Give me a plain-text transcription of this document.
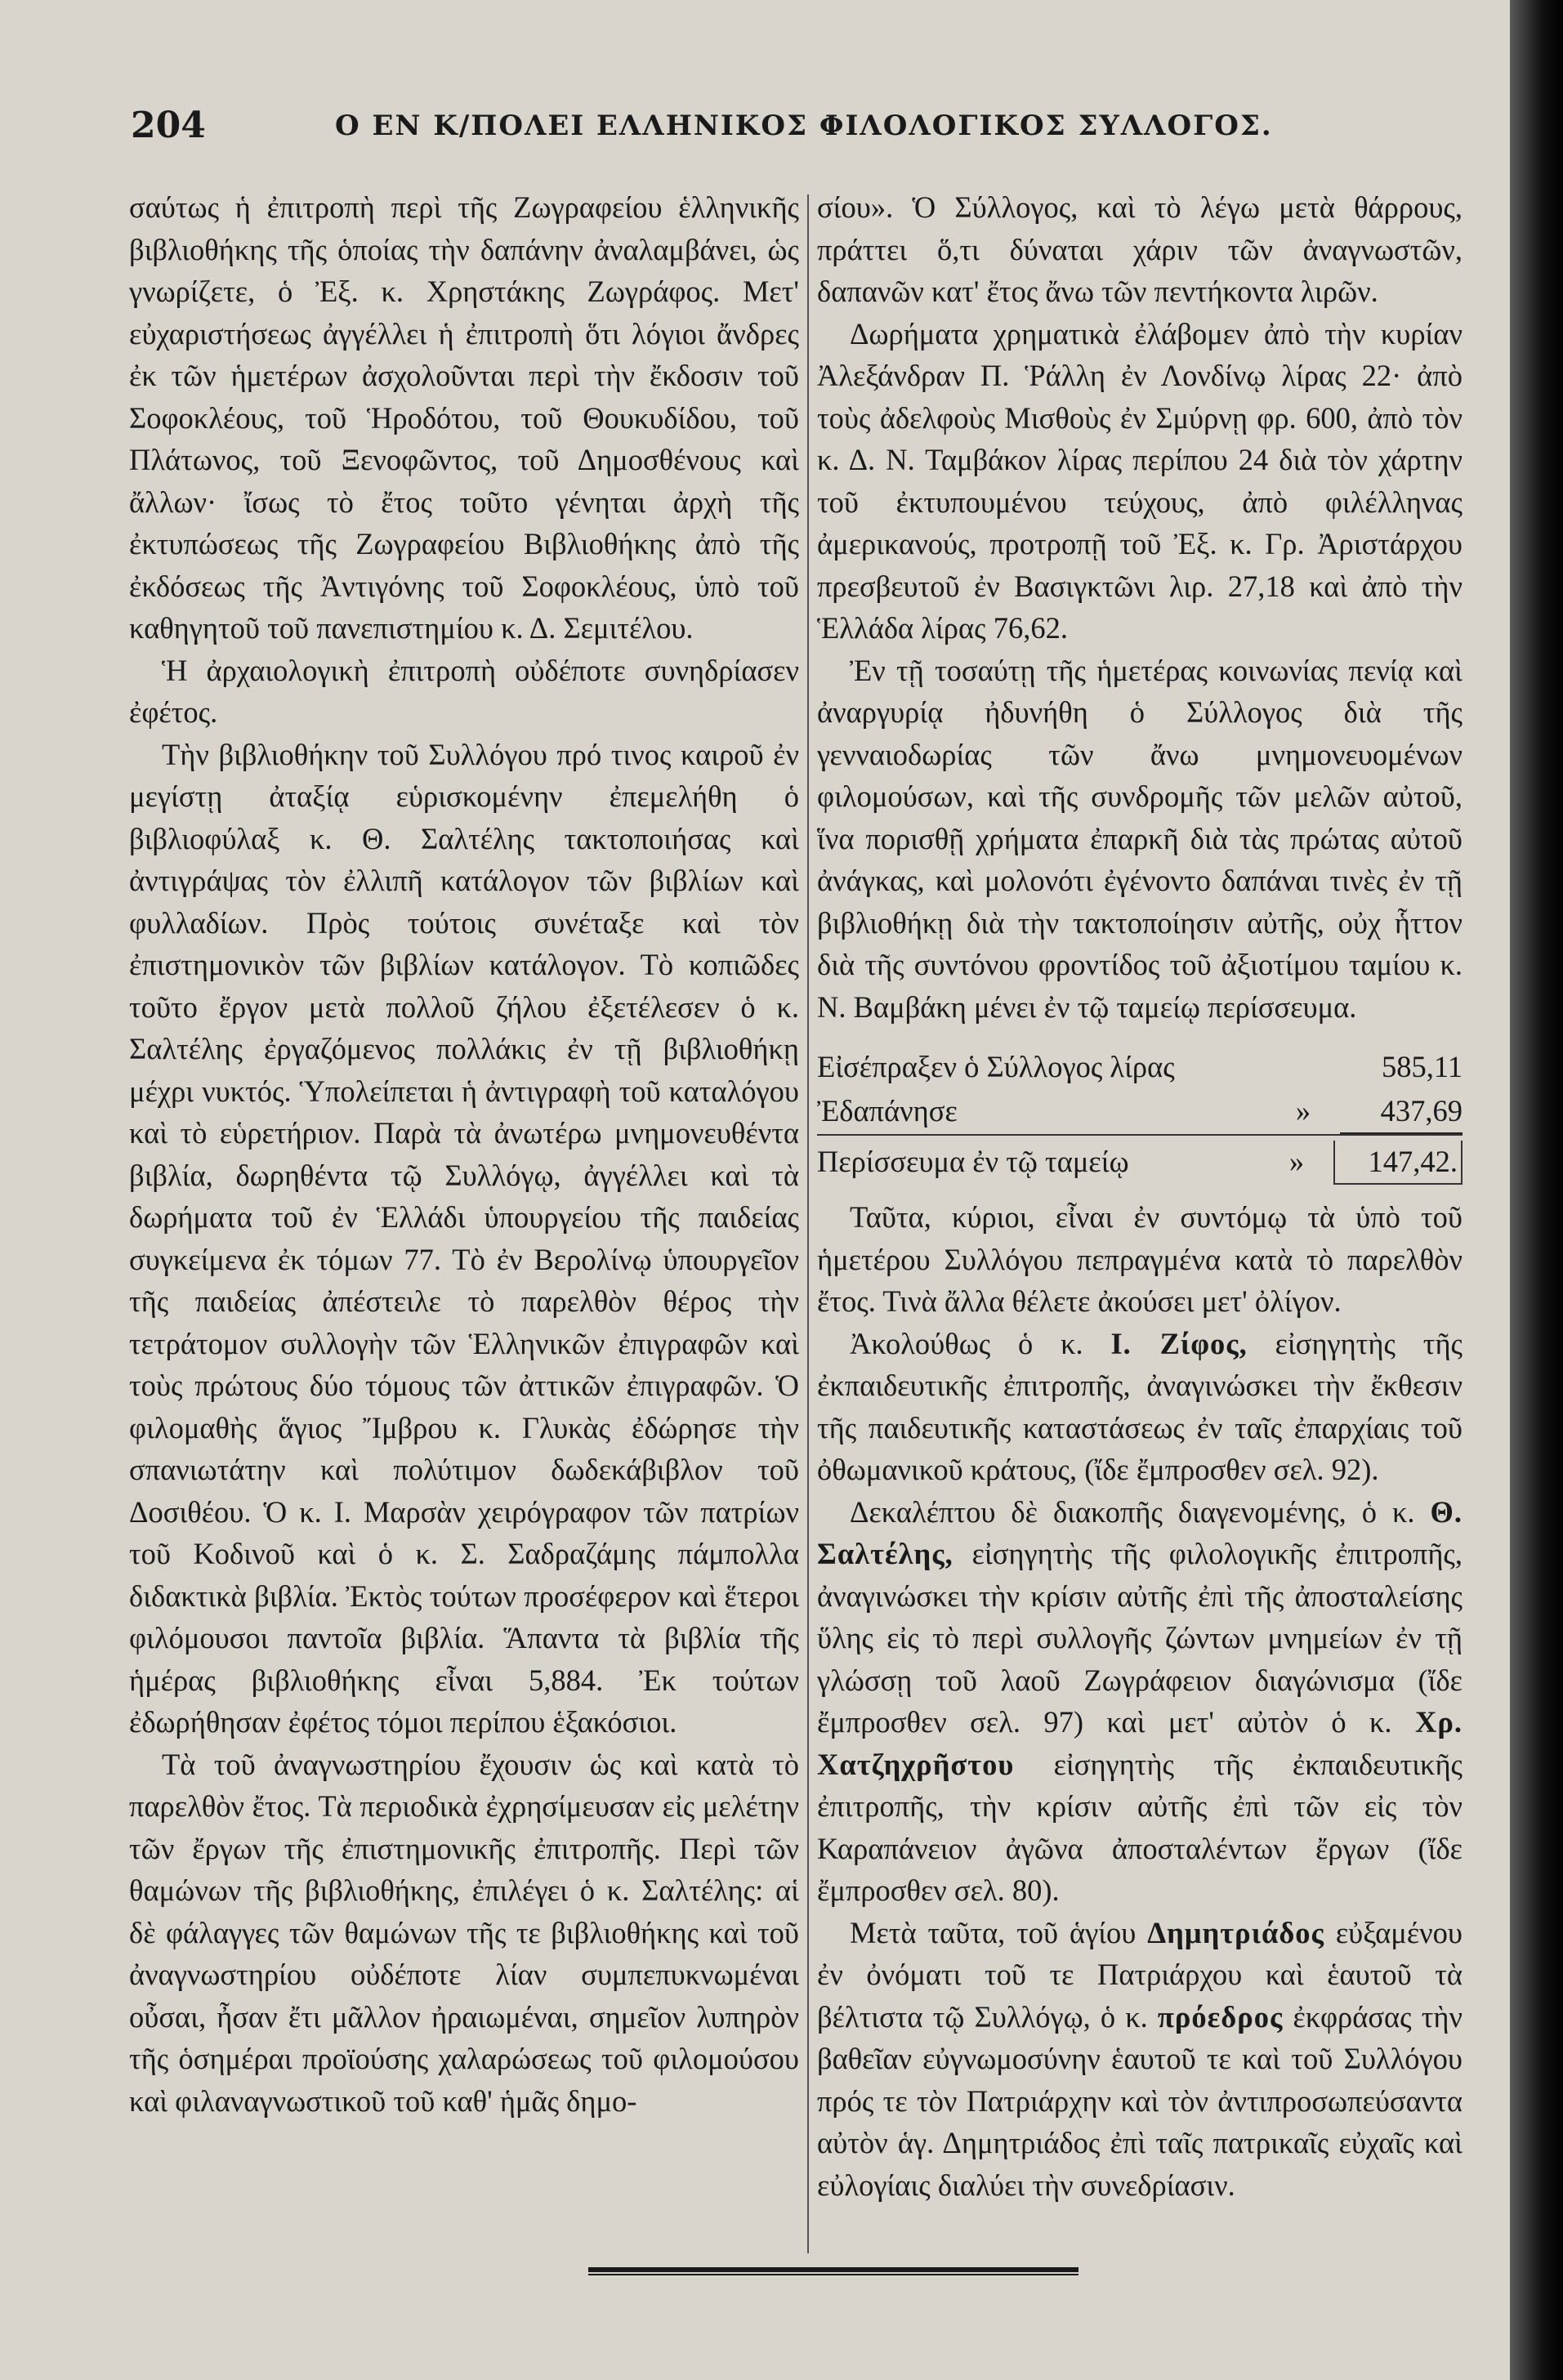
204	Ο ΕΝ Κ/ΠΟΛΕΙ ΕΛΛΗΝΙΚΟΣ ΦΙΛΟΛΟΓΙΚΟΣ ΣΥΛΛΟΓΟΣ.

σαύτως ἡ ἐπιτροπὴ περὶ τῆς Ζωγραφείου ἑλληνικῆς βιβλιοθήκης τῆς ὁποίας τὴν δαπάνην ἀναλαμβάνει, ὡς γνωρίζετε, ὁ Ἐξ. κ. Χρηστάκης Ζωγράφος. Μετ' εὐχαριστήσεως ἀγγέλλει ἡ ἐπιτροπὴ ὅτι λόγιοι ἄνδρες ἐκ τῶν ἡμετέρων ἀσχολοῦνται περὶ τὴν ἔκδοσιν τοῦ Σοφοκλέους, τοῦ Ἡροδότου, τοῦ Θουκυδίδου, τοῦ Πλάτωνος, τοῦ Ξενοφῶντος, τοῦ Δημοσθένους καὶ ἄλλων· ἴσως τὸ ἔτος τοῦτο γένηται ἀρχὴ τῆς ἐκτυπώσεως τῆς Ζωγραφείου Βιβλιοθήκης ἀπὸ τῆς ἐκδόσεως τῆς Ἀντιγόνης τοῦ Σοφοκλέους, ὑπὸ τοῦ καθηγητοῦ τοῦ πανεπιστημίου κ. Δ. Σεμιτέλου.

Ἡ ἀρχαιολογικὴ ἐπιτροπὴ οὐδέποτε συνηδρίασεν ἐφέτος.

Τὴν βιβλιοθήκην τοῦ Συλλόγου πρό τινος καιροῦ ἐν μεγίστῃ ἀταξίᾳ εὑρισκομένην ἐπεμελήθη ὁ βιβλιοφύλαξ κ. Θ. Σαλτέλης τακτοποιήσας καὶ ἀντιγράψας τὸν ἐλλιπῆ κατάλογον τῶν βιβλίων καὶ φυλλαδίων. Πρὸς τούτοις συνέταξε καὶ τὸν ἐπιστημονικὸν τῶν βιβλίων κατάλογον. Τὸ κοπιῶδες τοῦτο ἔργον μετὰ πολλοῦ ζήλου ἐξετέλεσεν ὁ κ. Σαλτέλης ἐργαζόμενος πολλάκις ἐν τῇ βιβλιοθήκῃ μέχρι νυκτός. Ὑπολείπεται ἡ ἀντιγραφὴ τοῦ καταλόγου καὶ τὸ εὑρετήριον. Παρὰ τὰ ἀνωτέρω μνημονευθέντα βιβλία, δωρηθέντα τῷ Συλλόγῳ, ἀγγέλλει καὶ τὰ δωρήματα τοῦ ἐν Ἑλλάδι ὑπουργείου τῆς παιδείας συγκείμενα ἐκ τόμων 77. Τὸ ἐν Βερολίνῳ ὑπουργεῖον τῆς παιδείας ἀπέστειλε τὸ παρελθὸν θέρος τὴν τετράτομον συλλογὴν τῶν Ἑλληνικῶν ἐπιγραφῶν καὶ τοὺς πρώτους δύο τόμους τῶν ἀττικῶν ἐπιγραφῶν. Ὁ φιλομαθὴς ἅγιος Ἴμβρου κ. Γλυκὰς ἐδώρησε τὴν σπανιωτάτην καὶ πολύτιμον δωδεκάβιβλον τοῦ Δοσιθέου. Ὁ κ. Ι. Μαρσὰν χειρόγραφον τῶν πατρίων τοῦ Κοδινοῦ καὶ ὁ κ. Σ. Σαδραζάμης πάμπολλα διδακτικὰ βιβλία. Ἐκτὸς τούτων προσέφερον καὶ ἕτεροι φιλόμουσοι παντοῖα βιβλία. Ἅπαντα τὰ βιβλία τῆς ἡμέρας βιβλιοθήκης εἶναι 5,884. Ἐκ τούτων ἐδωρήθησαν ἐφέτος τόμοι περίπου ἑξακόσιοι.

Τὰ τοῦ ἀναγνωστηρίου ἔχουσιν ὡς καὶ κατὰ τὸ παρελθὸν ἔτος. Τὰ περιοδικὰ ἐχρησίμευσαν εἰς μελέτην τῶν ἔργων τῆς ἐπιστημονικῆς ἐπιτροπῆς. Περὶ τῶν θαμώνων τῆς βιβλιοθήκης, ἐπιλέγει ὁ κ. Σαλτέλης: αἱ δὲ φάλαγγες τῶν θαμώνων τῆς τε βιβλιοθήκης καὶ τοῦ ἀναγνωστηρίου οὐδέποτε λίαν συμπεπυκνωμέναι οὖσαι, ἦσαν ἔτι μᾶλλον ἠραιωμέναι, σημεῖον λυπηρὸν τῆς ὁσημέραι προϊούσης χαλαρώσεως τοῦ φιλομούσου καὶ φιλαναγνωστικοῦ τοῦ καθ' ἡμᾶς δημο-

σίου». Ὁ Σύλλογος, καὶ τὸ λέγω μετὰ θάρρους, πράττει ὅ,τι δύναται χάριν τῶν ἀναγνωστῶν, δαπανῶν κατ' ἔτος ἄνω τῶν πεντήκοντα λιρῶν.

Δωρήματα χρηματικὰ ἐλάβομεν ἀπὸ τὴν κυρίαν Ἀλεξάνδραν Π. Ῥάλλη ἐν Λονδίνῳ λίρας 22· ἀπὸ τοὺς ἀδελφοὺς Μισθοὺς ἐν Σμύρνῃ φρ. 600, ἀπὸ τὸν κ. Δ. Ν. Ταμβάκον λίρας περίπου 24 διὰ τὸν χάρτην τοῦ ἐκτυπουμένου τεύχους, ἀπὸ φιλέλληνας ἀμερικανούς, προτροπῇ τοῦ Ἐξ. κ. Γρ. Ἀριστάρχου πρεσβευτοῦ ἐν Βασιγκτῶνι λιρ. 27,18 καὶ ἀπὸ τὴν Ἑλλάδα λίρας 76,62.

Ἐν τῇ τοσαύτῃ τῆς ἡμετέρας κοινωνίας πενίᾳ καὶ ἀναργυρίᾳ ἠδυνήθη ὁ Σύλλογος διὰ τῆς γενναιοδωρίας τῶν ἄνω μνημονευομένων φιλομούσων, καὶ τῆς συνδρομῆς τῶν μελῶν αὐτοῦ, ἵνα πορισθῇ χρήματα ἐπαρκῆ διὰ τὰς πρώτας αὐτοῦ ἀνάγκας, καὶ μολονότι ἐγένοντο δαπάναι τινὲς ἐν τῇ βιβλιοθήκῃ διὰ τὴν τακτοποίησιν αὐτῆς, οὐχ ἧττον διὰ τῆς συντόνου φροντίδος τοῦ ἀξιοτίμου ταμίου κ. Ν. Βαμβάκη μένει ἐν τῷ ταμείῳ περίσσευμα.

Εἰσέπραξεν ὁ Σύλλογος λίρας	585,11
Ἐδαπάνησε	»	437,69
Περίσσευμα ἐν τῷ ταμείῳ	»	147,42.

Ταῦτα, κύριοι, εἶναι ἐν συντόμῳ τὰ ὑπὸ τοῦ ἡμετέρου Συλλόγου πεπραγμένα κατὰ τὸ παρελθὸν ἔτος. Τινὰ ἄλλα θέλετε ἀκούσει μετ' ὀλίγον.

Ἀκολούθως ὁ κ. Ι. Ζίφος, εἰσηγητὴς τῆς ἐκπαιδευτικῆς ἐπιτροπῆς, ἀναγινώσκει τὴν ἔκθεσιν τῆς παιδευτικῆς καταστάσεως ἐν ταῖς ἐπαρχίαις τοῦ ὀθωμανικοῦ κράτους, (ἴδε ἔμπροσθεν σελ. 92).

Δεκαλέπτου δὲ διακοπῆς διαγενομένης, ὁ κ. Θ. Σαλτέλης, εἰσηγητὴς τῆς φιλολογικῆς ἐπιτροπῆς, ἀναγινώσκει τὴν κρίσιν αὐτῆς ἐπὶ τῆς ἀποσταλείσης ὕλης εἰς τὸ περὶ συλλογῆς ζώντων μνημείων ἐν τῇ γλώσσῃ τοῦ λαοῦ Ζωγράφειον διαγώνισμα (ἴδε ἔμπροσθεν σελ. 97) καὶ μετ' αὐτὸν ὁ κ. Χρ. Χατζηχρῆστου εἰσηγητὴς τῆς ἐκπαιδευτικῆς ἐπιτροπῆς, τὴν κρίσιν αὐτῆς ἐπὶ τῶν εἰς τὸν Καραπάνειον ἀγῶνα ἀποσταλέντων ἔργων (ἴδε ἔμπροσθεν σελ. 80).

Μετὰ ταῦτα, τοῦ ἁγίου Δημητριάδος εὐξαμένου ἐν ὀνόματι τοῦ τε Πατριάρχου καὶ ἑαυτοῦ τὰ βέλτιστα τῷ Συλλόγῳ, ὁ κ. πρόεδρος ἐκφράσας τὴν βαθεῖαν εὐγνωμοσύνην ἑαυτοῦ τε καὶ τοῦ Συλλόγου πρός τε τὸν Πατριάρχην καὶ τὸν ἀντιπροσωπεύσαντα αὐτὸν ἁγ. Δημητριάδος ἐπὶ ταῖς πατρικαῖς εὐχαῖς καὶ εὐλογίαις διαλύει τὴν συνεδρίασιν.
